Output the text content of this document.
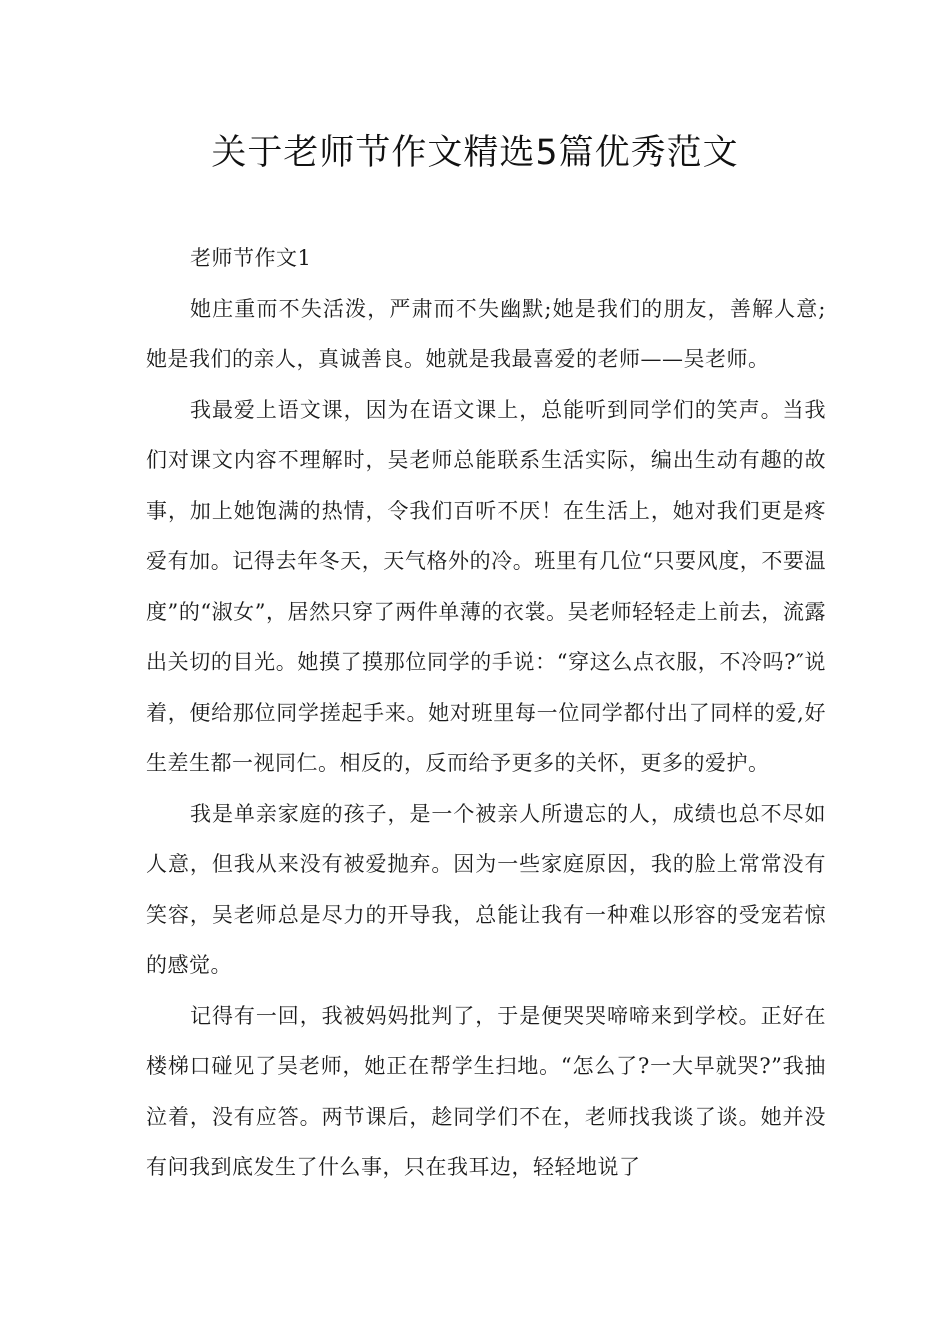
关于老师节作文精选5篇优秀范文

老师节作文1

她庄重而不失活泼，严肃而不失幽默;她是我们的朋友，善解人意;她是我们的亲人，真诚善良。她就是我最喜爱的老师——吴老师。

我最爱上语文课，因为在语文课上，总能听到同学们的笑声。当我们对课文内容不理解时，吴老师总能联系生活实际，编出生动有趣的故事，加上她饱满的热情，令我们百听不厌！在生活上，她对我们更是疼爱有加。记得去年冬天，天气格外的冷。班里有几位“只要风度，不要温度”的“淑女”，居然只穿了两件单薄的衣裳。吴老师轻轻走上前去，流露出关切的目光。她摸了摸那位同学的手说：“穿这么点衣服，不冷吗?″说着，便给那位同学搓起手来。她对班里每一位同学都付出了同样的爱,好生差生都一视同仁。相反的，反而给予更多的关怀，更多的爱护。

我是单亲家庭的孩子，是一个被亲人所遗忘的人，成绩也总不尽如人意，但我从来没有被爱抛弃。因为一些家庭原因，我的脸上常常没有笑容，吴老师总是尽力的开导我，总能让我有一种难以形容的受宠若惊的感觉。

记得有一回，我被妈妈批判了，于是便哭哭啼啼来到学校。正好在楼梯口碰见了吴老师，她正在帮学生扫地。“怎么了?一大早就哭?”我抽泣着，没有应答。两节课后，趁同学们不在，老师找我谈了谈。她并没有问我到底发生了什么事，只在我耳边，轻轻地说了
